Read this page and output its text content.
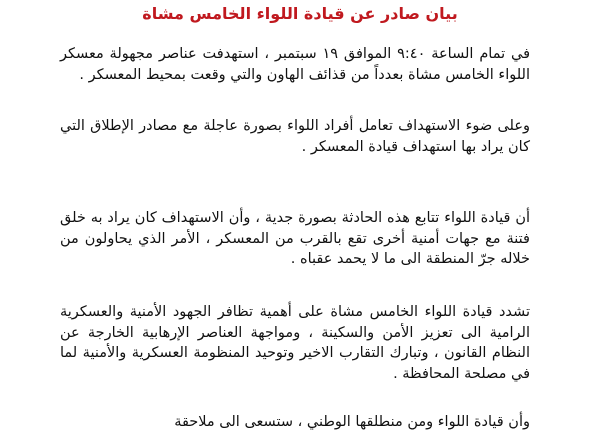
بيان صادر عن قيادة اللواء الخامس مشاة

في تمام الساعة ٩:٤٠ الموافق ١٩ سبتمبر ، استهدفت عناصر مجهولة معسكر اللواء الخامس مشاة بعدداً من قذائف الهاون والتي وقعت بمحيط المعسكر .

وعلى ضوء الاستهداف تعامل أفراد اللواء بصورة عاجلة مع مصادر الإطلاق التي كان يراد بها استهداف قيادة المعسكر .

أن قيادة اللواء تتابع هذه الحادثة بصورة جدية ، وأن الاستهداف كان يراد به خلق فتنة مع جهات أمنية أخرى تقع بالقرب من المعسكر ، الأمر الذي يحاولون من خلاله جرّ المنطقة الى ما لا يحمد عقباه .

تشدد قيادة اللواء الخامس مشاة على أهمية تظافر الجهود الأمنية والعسكرية الرامية الى تعزيز الأمن والسكينة ، ومواجهة العناصر الإرهابية الخارجة عن النظام القانون ، وتبارك التقارب الاخير وتوحيد المنظومة العسكرية والأمنية لما في مصلحة المحافظة .

وأن قيادة اللواء ومن منطلقها الوطني ، ستسعى الى ملاحقة
